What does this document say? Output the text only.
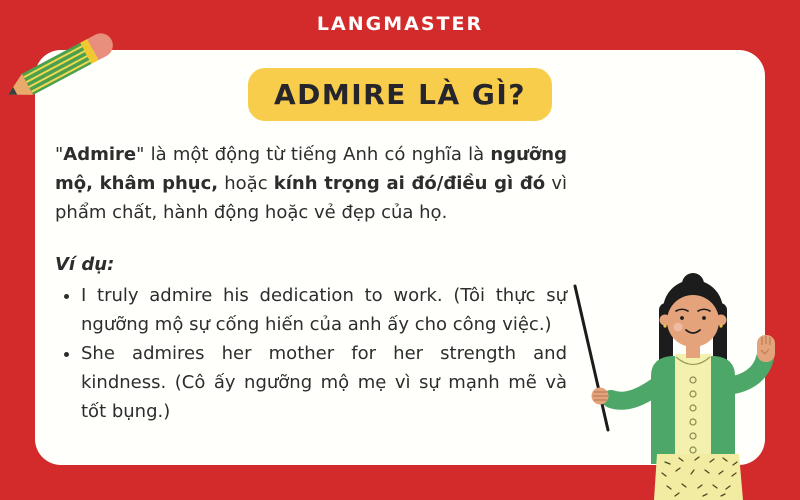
LANGMASTER
ADMIRE LÀ GÌ?

"Admire" là một động từ tiếng Anh có nghĩa là ngưỡng mộ, khâm phục, hoặc kính trọng ai đó/điều gì đó vì phẩm chất, hành động hoặc vẻ đẹp của họ.

Ví dụ:

• I truly admire his dedication to work. (Tôi thực sự ngưỡng mộ sự cống hiến của anh ấy cho công việc.)
• She admires her mother for her strength and kindness. (Cô ấy ngưỡng mộ mẹ vì sự mạnh mẽ và tốt bụng.)
